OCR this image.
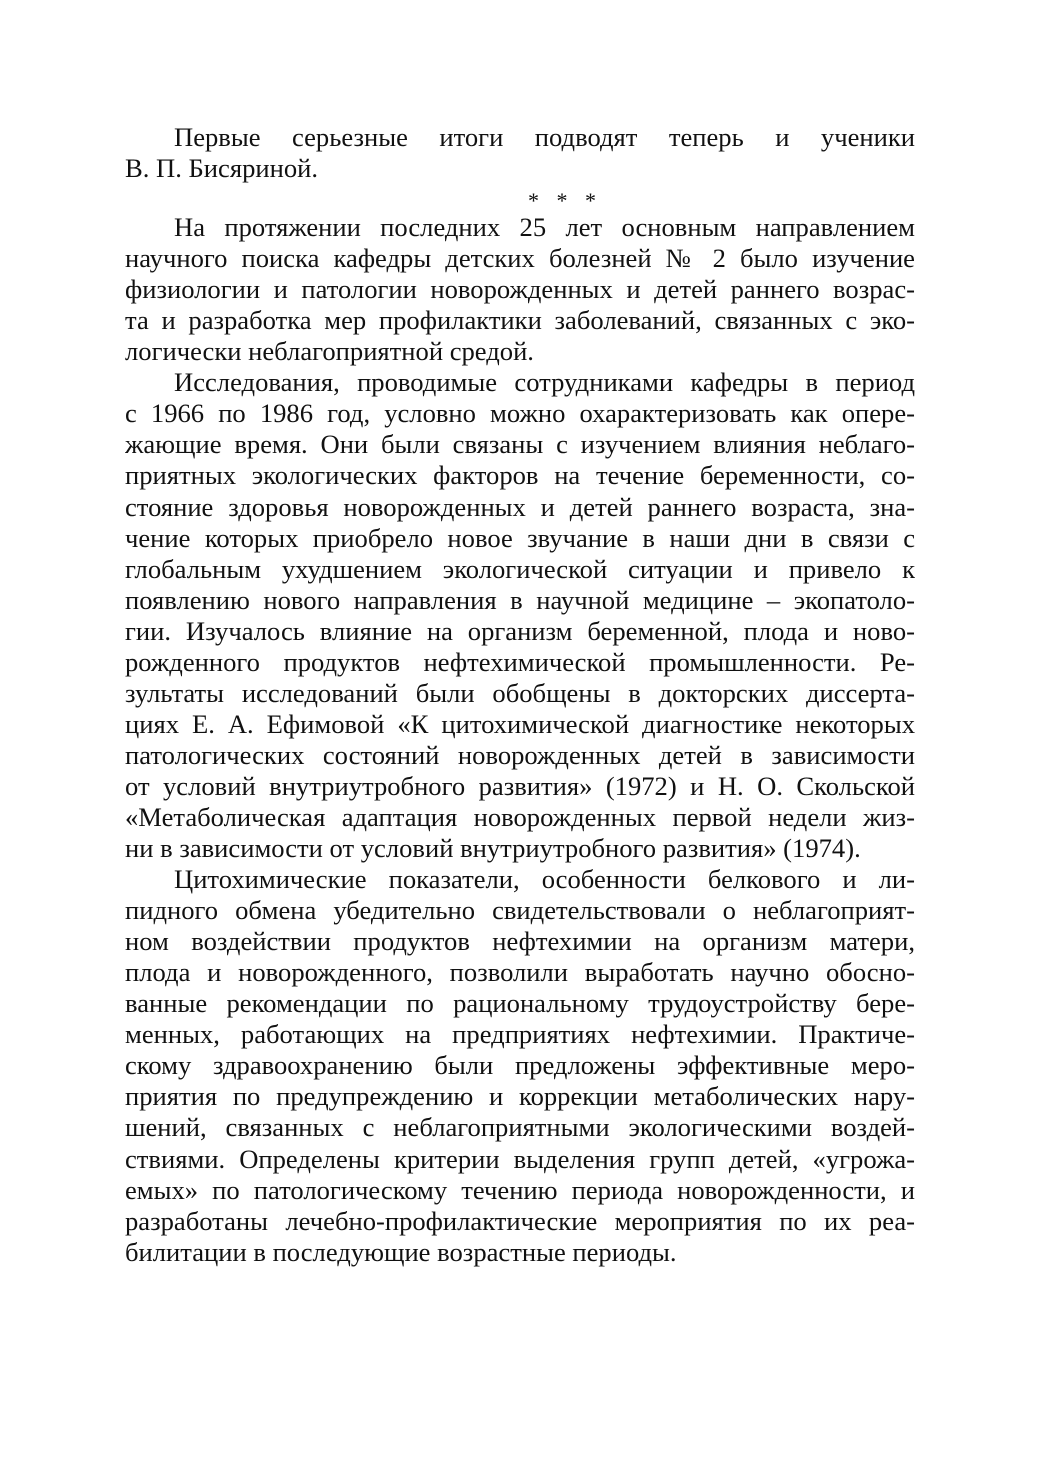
Первые серьезные итоги подводят теперь и ученики
В. П. Бисяриной.
* * *
На протяжении последних 25 лет основным направлением
научного поиска кафедры детских болезней № 2 было изучение
физиологии и патологии новорожденных и детей раннего возрас-
та и разработка мер профилактики заболеваний, связанных с эко-
логически неблагоприятной средой.
Исследования, проводимые сотрудниками кафедры в период
с 1966 по 1986 год, условно можно охарактеризовать как опере-
жающие время. Они были связаны с изучением влияния неблаго-
приятных экологических факторов на течение беременности, со-
стояние здоровья новорожденных и детей раннего возраста, зна-
чение которых приобрело новое звучание в наши дни в связи с
глобальным ухудшением экологической ситуации и привело к
появлению нового направления в научной медицине – экопатоло-
гии. Изучалось влияние на организм беременной, плода и ново-
рожденного продуктов нефтехимической промышленности. Ре-
зультаты исследований были обобщены в докторских диссерта-
циях Е. А. Ефимовой «К цитохимической диагностике некоторых
патологических состояний новорожденных детей в зависимости
от условий внутриутробного развития» (1972) и Н. О. Скольской
«Метаболическая адаптация новорожденных первой недели жиз-
ни в зависимости от условий внутриутробного развития» (1974).
Цитохимические показатели, особенности белкового и ли-
пидного обмена убедительно свидетельствовали о неблагоприят-
ном воздействии продуктов нефтехимии на организм матери,
плода и новорожденного, позволили выработать научно обосно-
ванные рекомендации по рациональному трудоустройству бере-
менных, работающих на предприятиях нефтехимии. Практиче-
скому здравоохранению были предложены эффективные меро-
приятия по предупреждению и коррекции метаболических нару-
шений, связанных с неблагоприятными экологическими воздей-
ствиями. Определены критерии выделения групп детей, «угрожа-
емых» по патологическому течению периода новорожденности, и
разработаны лечебно-профилактические мероприятия по их реа-
билитации в последующие возрастные периоды.
